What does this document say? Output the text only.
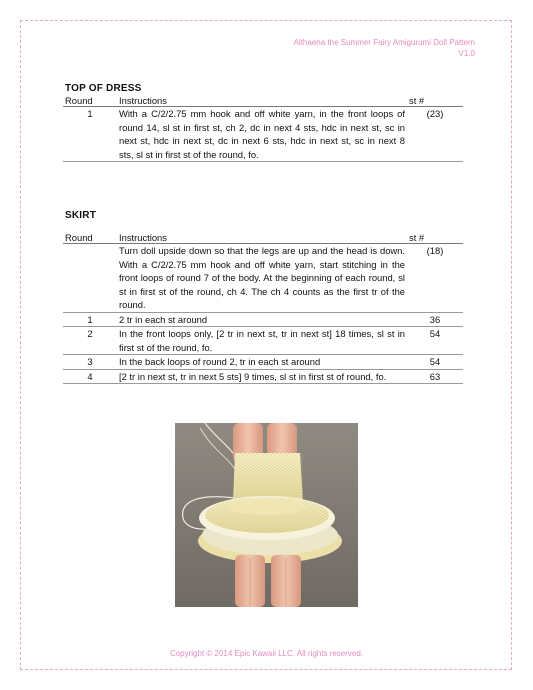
Althaena the Summer Fairy Amigurumi Doll Pattern
V1.0
TOP OF DRESS
Round	Instructions	st #
1	With a C/2/2.75 mm hook and off white yarn, in the front loops of round 14, sl st in first st, ch 2, dc in next 4 sts, hdc in next st, sc in next st, hdc in next st, dc in next 6 sts, hdc in next st, sc in next 8 sts, sl st in first st of the round, fo.	(23)
SKIRT
Round	Instructions	st #
	Turn doll upside down so that the legs are up and the head is down. With a C/2/2.75 mm hook and off white yarn, start stitching in the front loops of round 7 of the body. At the beginning of each round, sl st in first st of the round, ch 4. The ch 4 counts as the first tr of the round.	(18)
1	2 tr in each st around	36
2	In the front loops only, [2 tr in next st, tr in next st] 18 times, sl st in first st of the round, fo.	54
3	In the back loops of round 2, tr in each st around	54
4	[2 tr in next st, tr in next 5 sts] 9 times, sl st in first st of round, fo.	63
Copyright © 2014 Epic Kawaii LLC. All rights reserved.
